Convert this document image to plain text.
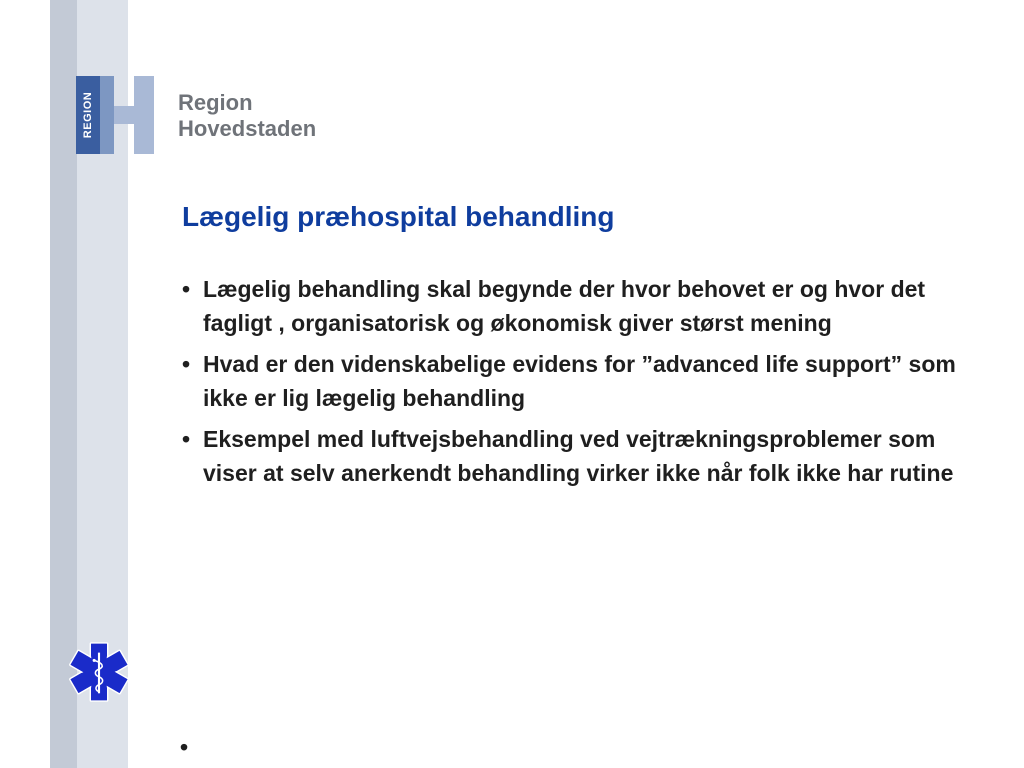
REGION	Region
Hovedstaden
Lægelig præhospital behandling
• Lægelig behandling skal begynde der hvor behovet er og hvor det fagligt , organisatorisk og økonomisk giver størst mening
• Hvad er den videnskabelige evidens for ”advanced life support” som ikke er lig lægelig behandling
• Eksempel med luftvejsbehandling ved vejtrækningsproblemer som viser at selv anerkendt behandling virker ikke når folk ikke har rutine
•
